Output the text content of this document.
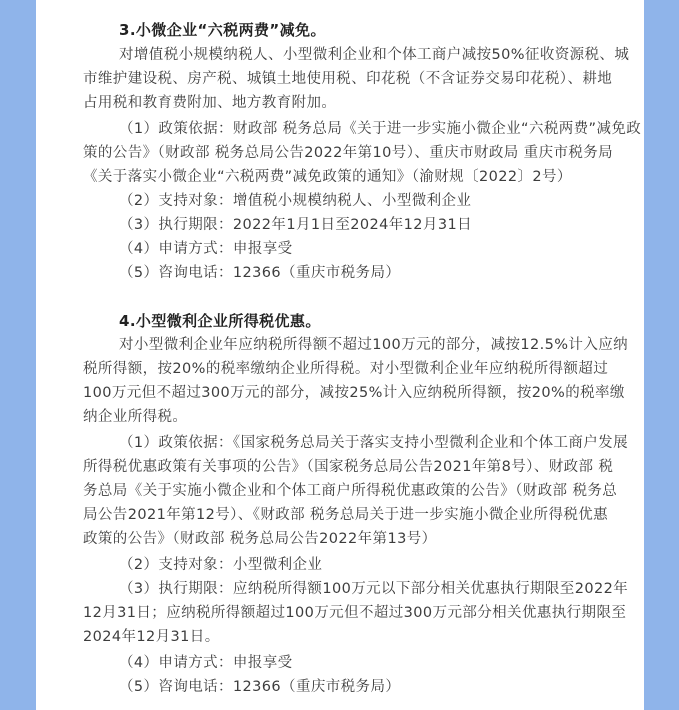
3.小微企业“六税两费”减免。
对增值税小规模纳税人、小型微利企业和个体工商户减按50%征收资源税、城
市维护建设税、房产税、城镇土地使用税、印花税（不含证券交易印花税）、耕地
占用税和教育费附加、地方教育附加。
（1）政策依据：财政部 税务总局《关于进一步实施小微企业“六税两费”减免政
策的公告》（财政部 税务总局公告2022年第10号）、重庆市财政局 重庆市税务局
《关于落实小微企业“六税两费”减免政策的通知》（渝财规〔2022〕2号）
（2）支持对象：增值税小规模纳税人、小型微利企业
（3）执行期限：2022年1月1日至2024年12月31日
（4）申请方式：申报享受
（5）咨询电话：12366（重庆市税务局）
4.小型微利企业所得税优惠。
对小型微利企业年应纳税所得额不超过100万元的部分，减按12.5%计入应纳
税所得额，按20%的税率缴纳企业所得税。对小型微利企业年应纳税所得额超过
100万元但不超过300万元的部分，减按25%计入应纳税所得额，按20%的税率缴
纳企业所得税。
（1）政策依据：《国家税务总局关于落实支持小型微利企业和个体工商户发展
所得税优惠政策有关事项的公告》（国家税务总局公告2021年第8号）、财政部 税
务总局《关于实施小微企业和个体工商户所得税优惠政策的公告》（财政部 税务总
局公告2021年第12号）、《财政部 税务总局关于进一步实施小微企业所得税优惠
政策的公告》（财政部 税务总局公告2022年第13号）
（2）支持对象：小型微利企业
（3）执行期限：应纳税所得额100万元以下部分相关优惠执行期限至2022年
12月31日；应纳税所得额超过100万元但不超过300万元部分相关优惠执行期限至
2024年12月31日。
（4）申请方式：申报享受
（5）咨询电话：12366（重庆市税务局）
